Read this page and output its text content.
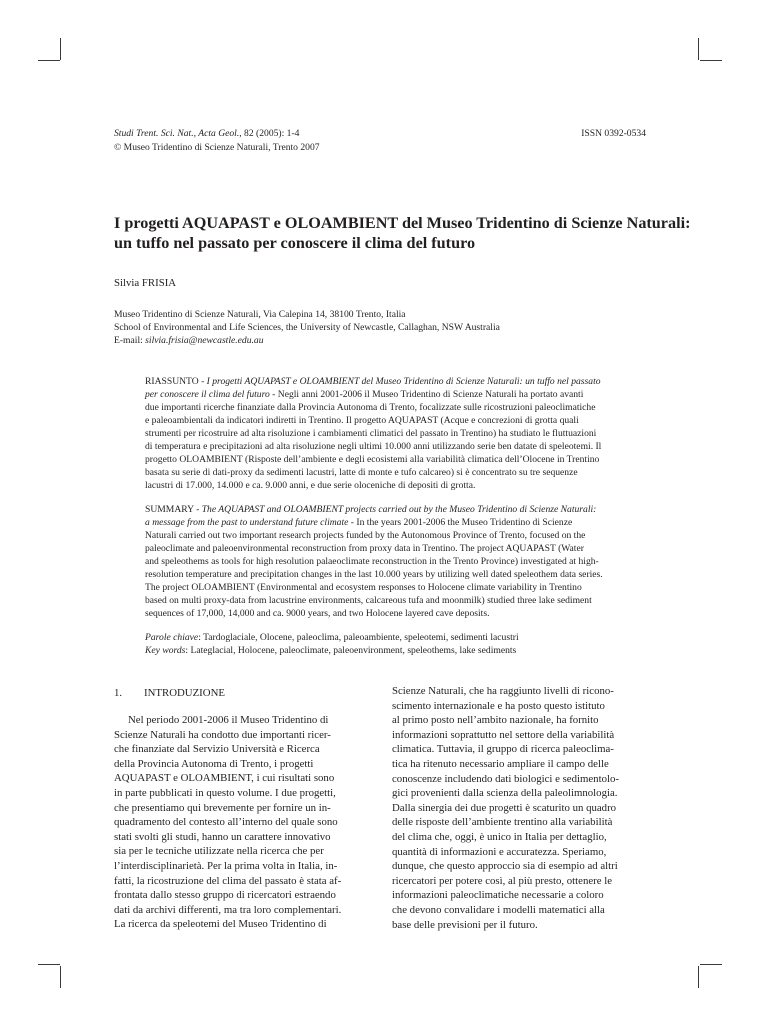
Studi Trent. Sci. Nat., Acta Geol., 82 (2005): 1-4	ISSN 0392-0534
© Museo Tridentino di Scienze Naturali, Trento 2007
I progetti AQUAPAST e OLOAMBIENT del Museo Tridentino di Scienze Naturali:
un tuffo nel passato per conoscere il clima del futuro
Silvia FRISIA
Museo Tridentino di Scienze Naturali, Via Calepina 14, 38100 Trento, Italia
School of Environmental and Life Sciences, the University of Newcastle, Callaghan, NSW Australia
E-mail: silvia.frisia@newcastle.edu.au
RIASSUNTO - I progetti AQUAPAST e OLOAMBIENT del Museo Tridentino di Scienze Naturali: un tuffo nel passato
per conoscere il clima del futuro - Negli anni 2001-2006 il Museo Tridentino di Scienze Naturali ha portato avanti
due importanti ricerche finanziate dalla Provincia Autonoma di Trento, focalizzate sulle ricostruzioni paleoclimatiche
e paleoambientali da indicatori indiretti in Trentino. Il progetto AQUAPAST (Acque e concrezioni di grotta quali
strumenti per ricostruire ad alta risoluzione i cambiamenti climatici del passato in Trentino) ha studiato le fluttuazioni
di temperatura e precipitazioni ad alta risoluzione negli ultimi 10.000 anni utilizzando serie ben datate di speleotemi. Il
progetto OLOAMBIENT (Risposte dell’ambiente e degli ecosistemi alla variabilità climatica dell’Olocene in Trentino
basata su serie di dati-proxy da sedimenti lacustri, latte di monte e tufo calcareo) si è concentrato su tre sequenze
lacustri di 17.000, 14.000 e ca. 9.000 anni, e due serie oloceniche di depositi di grotta.
SUMMARY - The AQUAPAST and OLOAMBIENT projects carried out by the Museo Tridentino di Scienze Naturali:
a message from the past to understand future climate - In the years 2001-2006 the Museo Tridentino di Scienze
Naturali carried out two important research projects funded by the Autonomous Province of Trento, focused on the
paleoclimate and paleoenvironmental reconstruction from proxy data in Trentino. The project AQUAPAST (Water
and speleothems as tools for high resolution palaeoclimate reconstruction in the Trento Province) investigated at high-
resolution temperature and precipitation changes in the last 10.000 years by utilizing well dated speleothem data series.
The project OLOAMBIENT (Environmental and ecosystem responses to Holocene climate variability in Trentino
based on multi proxy-data from lacustrine environments, calcareous tufa and moonmilk) studied three lake sediment
sequences of 17,000, 14,000 and ca. 9000 years, and two Holocene layered cave deposits.
Parole chiave: Tardoglaciale, Olocene, paleoclima, paleoambiente, speleotemi, sedimenti lacustri
Key words: Lateglacial, Holocene, paleoclimate, paleoenvironment, speleothems, lake sediments
1. INTRODUZIONE

Nel periodo 2001-2006 il Museo Tridentino di

Scienze Naturali ha condotto due importanti ricer-

che finanziate dal Servizio Università e Ricerca

della Provincia Autonoma di Trento, i progetti

AQUAPAST e OLOAMBIENT, i cui risultati sono

in parte pubblicati in questo volume. I due progetti,

che presentiamo qui brevemente per fornire un in-

quadramento del contesto all’interno del quale sono

stati svolti gli studi, hanno un carattere innovativo

sia per le tecniche utilizzate nella ricerca che per

l’interdisciplinarietà. Per la prima volta in Italia, in-

fatti, la ricostruzione del clima del passato è stata af-

frontata dallo stesso gruppo di ricercatori estraendo

dati da archivi differenti, ma tra loro complementari.

La ricerca da speleotemi del Museo Tridentino di

Scienze Naturali, che ha raggiunto livelli di ricono-

scimento internazionale e ha posto questo istituto

al primo posto nell’ambito nazionale, ha fornito

informazioni soprattutto nel settore della variabilità

climatica. Tuttavia, il gruppo di ricerca paleoclima-

tica ha ritenuto necessario ampliare il campo delle

conoscenze includendo dati biologici e sedimentolo-

gici provenienti dalla scienza della paleolimnologia.

Dalla sinergia dei due progetti è scaturito un quadro

delle risposte dell’ambiente trentino alla variabilità

del clima che, oggi, è unico in Italia per dettaglio,

quantità di informazioni e accuratezza. Speriamo,

dunque, che questo approccio sia di esempio ad altri

ricercatori per potere così, al più presto, ottenere le

informazioni paleoclimatiche necessarie a coloro

che devono convalidare i modelli matematici alla

base delle previsioni per il futuro.
